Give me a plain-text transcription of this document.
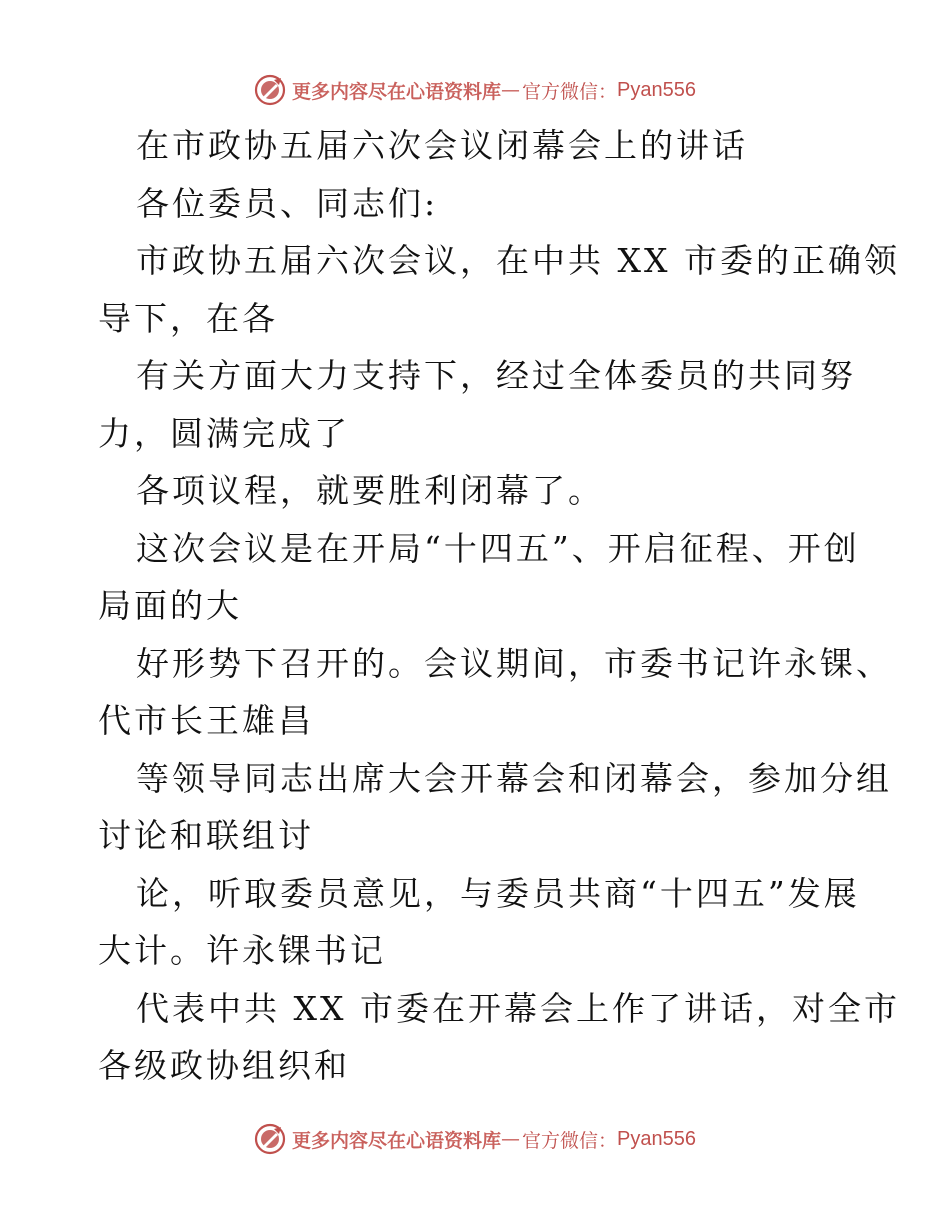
更多内容尽在心语资料库 — 官方微信： Pyan556
在市政协五届六次会议闭幕会上的讲话
各位委员、同志们:
市政协五届六次会议，在中共 XX 市委的正确领
导下，在各
有关方面大力支持下，经过全体委员的共同努
力，圆满完成了
各项议程，就要胜利闭幕了。
这次会议是在开局“十四五”、开启征程、开创
局面的大
好形势下召开的。会议期间，市委书记许永锞、
代市长王雄昌
等领导同志出席大会开幕会和闭幕会，参加分组
讨论和联组讨
论，听取委员意见，与委员共商“十四五”发展
大计。许永锞书记
代表中共 XX 市委在开幕会上作了讲话，对全市
各级政协组织和
更多内容尽在心语资料库 — 官方微信： Pyan556
